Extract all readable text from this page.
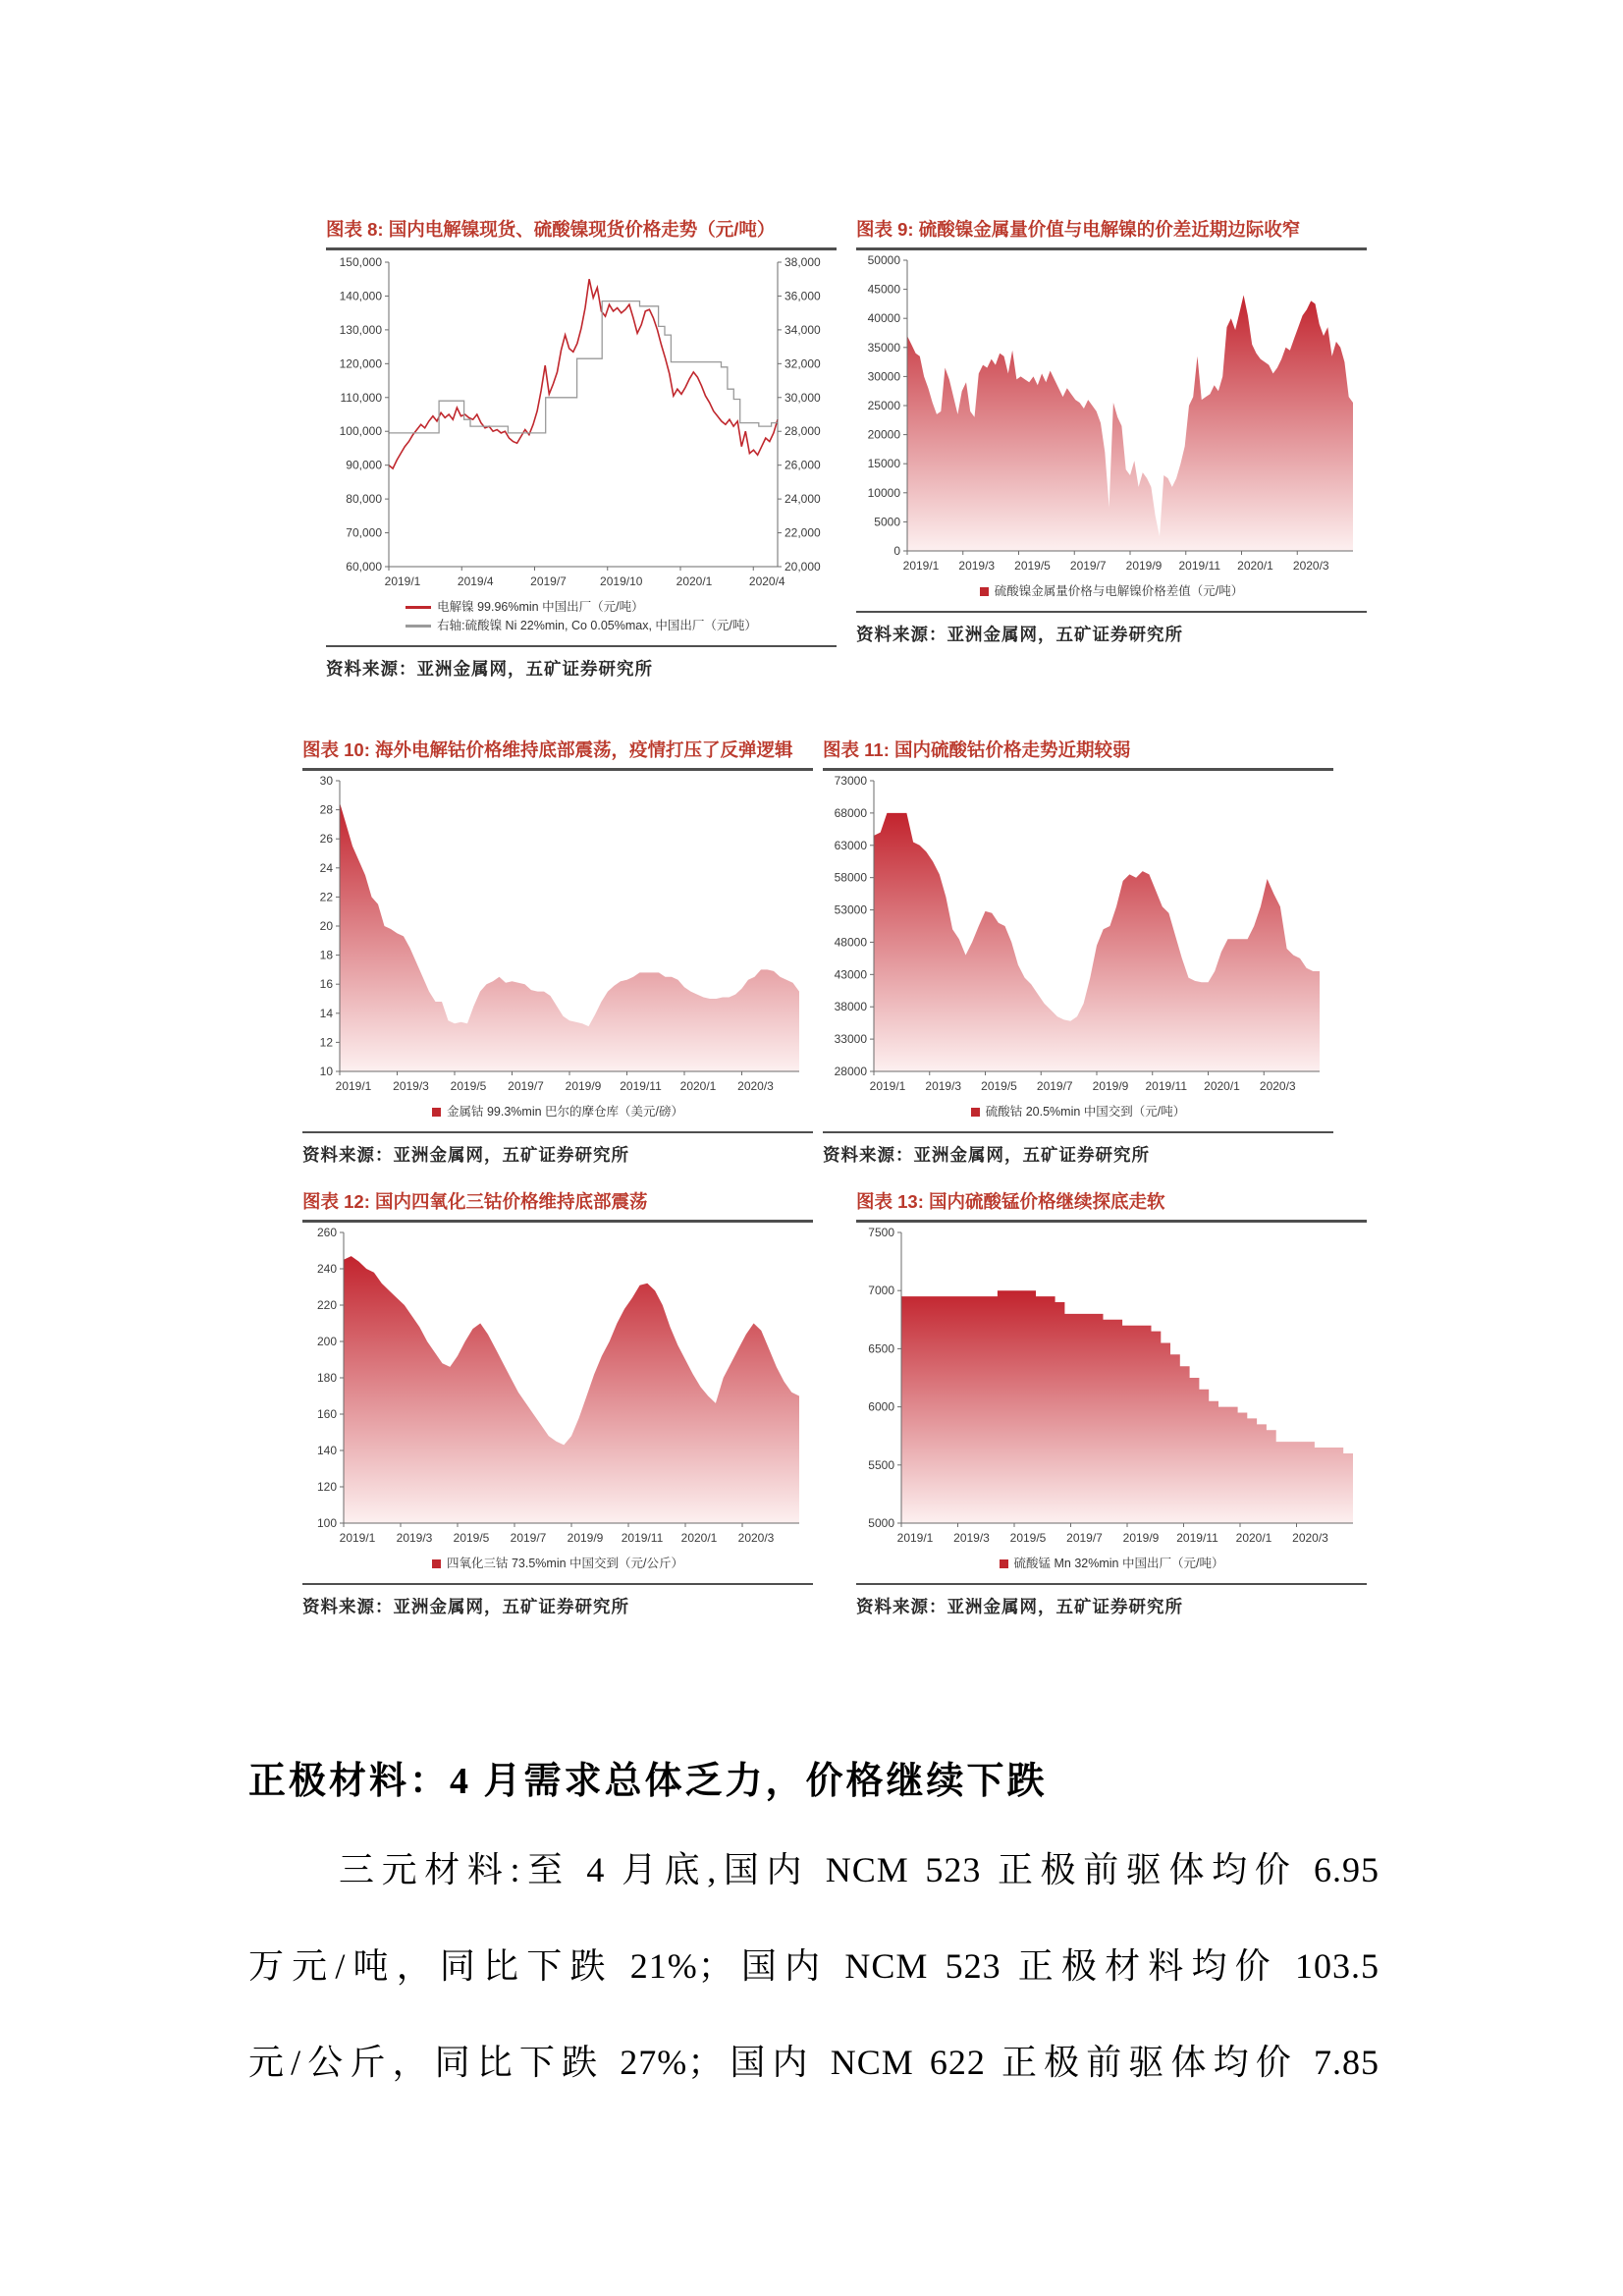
图表 8: 国内电解镍现货、硫酸镍现货价格走势（元/吨）
60,000
70,000
80,000
90,000
100,000
110,000
120,000
130,000
140,000
150,000
20,000
22,000
24,000
26,000
28,000
30,000
32,000
34,000
36,000
38,000
2019/1	2019/4	2019/7	2019/10	2020/1	2020/4
电解镍 99.96%min 中国出厂（元/吨）
右轴:硫酸镍 Ni 22%min, Co 0.05%max, 中国出厂（元/吨）
资料来源：亚洲金属网，五矿证券研究所
图表 9: 硫酸镍金属量价值与电解镍的价差近期边际收窄
0
5000
10000
15000
20000
25000
30000
35000
40000
45000
50000
2019/1 2019/3 2019/5 2019/7 2019/9 2019/11 2020/1 2020/3
硫酸镍金属量价格与电解镍价格差值（元/吨）
资料来源：亚洲金属网，五矿证券研究所
图表 10: 海外电解钴价格维持底部震荡，疫情打压了反弹逻辑
10
12
14
16
18
20
22
24
26
28
30
2019/1 2019/3 2019/5 2019/7 2019/9 2019/11 2020/1 2020/3
金属钴 99.3%min 巴尔的摩仓库（美元/磅）
资料来源：亚洲金属网，五矿证券研究所
图表 11: 国内硫酸钴价格走势近期较弱
28000
33000
38000
43000
48000
53000
58000
63000
68000
73000
2019/1 2019/3 2019/5 2019/7 2019/9 2019/11 2020/1 2020/3
硫酸钴 20.5%min 中国交到（元/吨）
资料来源：亚洲金属网，五矿证券研究所
图表 12: 国内四氧化三钴价格维持底部震荡
100
120
140
160
180
200
220
240
260
2019/1 2019/3 2019/5 2019/7 2019/9 2019/11 2020/1 2020/3
四氧化三钴 73.5%min 中国交到（元/公斤）
资料来源：亚洲金属网，五矿证券研究所
图表 13: 国内硫酸锰价格继续探底走软
5000
5500
6000
6500
7000
7500
2019/1 2019/3 2019/5 2019/7 2019/9 2019/11 2020/1 2020/3
硫酸锰 Mn 32%min 中国出厂（元/吨）
资料来源：亚洲金属网，五矿证券研究所
正极材料：4 月需求总体乏力，价格继续下跌
三元材料:至 4 月底,国内 NCM 523 正极前驱体均价 6.95
万元/吨，同比下跌 21%；国内 NCM 523 正极材料均价 103.5
元/公斤，同比下跌 27%；国内 NCM 622 正极前驱体均价 7.85
